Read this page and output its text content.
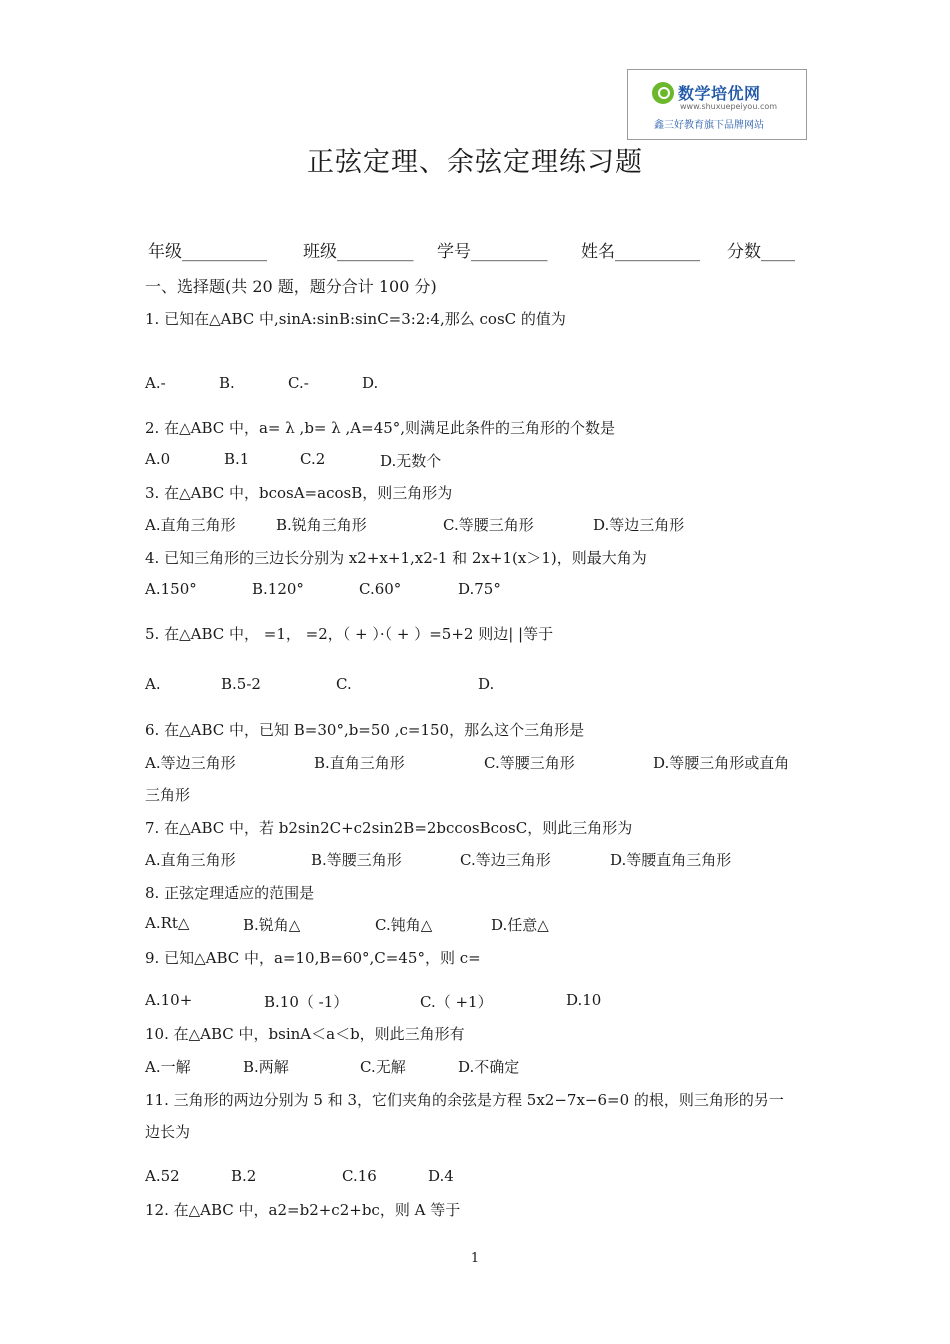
数学培优网
www.shuxuepeiyou.com
鑫三好教育旗下品牌网站
正弦定理、余弦定理练习题
年级__________ 班级_________ 学号_________ 姓名__________ 分数____
一、选择题(共 20 题，题分合计 100 分)
1. 已知在△ABC 中,sinA:sinB:sinC=3:2:4,那么 cosC 的值为
A.-	B.	C.-	D.
2. 在△ABC 中，a= λ ,b= λ ,A=45°,则满足此条件的三角形的个数是
A.0	B.1	C.2	D.无数个
3. 在△ABC 中，bcosA=acosB，则三角形为
A.直角三角形	B.锐角三角形	C.等腰三角形	D.等边三角形
4. 已知三角形的三边长分别为 x2+x+1,x2-1 和 2x+1(x＞1)，则最大角为
A.150°	B.120°	C.60°	D.75°
5. 在△ABC 中， =1， =2，（ + ）·（ + ）=5+2 则边| |等于
A.	B.5-2	C.	D.
6. 在△ABC 中，已知 B=30°,b=50 ,c=150，那么这个三角形是
A.等边三角形	B.直角三角形	C.等腰三角形	D.等腰三角形或直角
三角形
7. 在△ABC 中，若 b2sin2C+c2sin2B=2bccosBcosC，则此三角形为
A.直角三角形	B.等腰三角形	C.等边三角形	D.等腰直角三角形
8. 正弦定理适应的范围是
A.Rt△	B.锐角△	C.钝角△	D.任意△
9. 已知△ABC 中，a=10,B=60°,C=45°，则 c=
A.10+	B.10（ -1）	C.（ +1）	D.10
10. 在△ABC 中，bsinA＜a＜b，则此三角形有
A.一解	B.两解	C.无解	D.不确定
11. 三角形的两边分别为 5 和 3，它们夹角的余弦是方程 5x2−7x−6=0 的根，则三角形的另一
边长为
A.52	B.2	C.16	D.4
12. 在△ABC 中，a2=b2+c2+bc，则 A 等于
1
